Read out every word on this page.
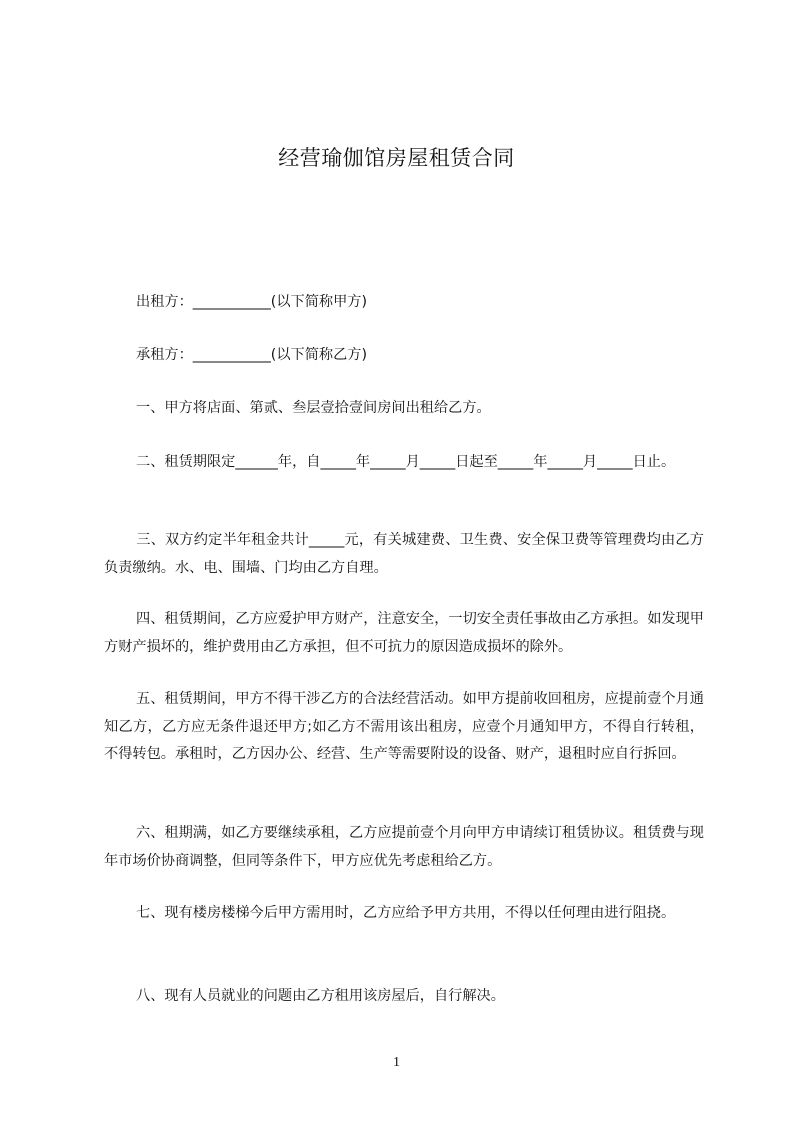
经营瑜伽馆房屋租赁合同

出租方：___________(以下简称甲方)

承租方：___________(以下简称乙方)

一、甲方将店面、第贰、叁层壹拾壹间房间出租给乙方。

二、租赁期限定______年，自_____年_____月_____日起至_____年_____月_____日止。

三、双方约定半年租金共计_____元，有关城建费、卫生费、安全保卫费等管理费均由乙方负责缴纳。水、电、围墙、门均由乙方自理。

四、租赁期间，乙方应爱护甲方财产，注意安全，一切安全责任事故由乙方承担。如发现甲方财产损坏的，维护费用由乙方承担，但不可抗力的原因造成损坏的除外。

五、租赁期间，甲方不得干涉乙方的合法经营活动。如甲方提前收回租房，应提前壹个月通知乙方，乙方应无条件退还甲方;如乙方不需用该出租房，应壹个月通知甲方，不得自行转租，不得转包。承租时，乙方因办公、经营、生产等需要附设的设备、财产，退租时应自行拆回。

六、租期满，如乙方要继续承租，乙方应提前壹个月向甲方申请续订租赁协议。租赁费与现年市场价协商调整，但同等条件下，甲方应优先考虑租给乙方。

七、现有楼房楼梯今后甲方需用时，乙方应给予甲方共用，不得以任何理由进行阻挠。

八、现有人员就业的问题由乙方租用该房屋后，自行解决。

1
